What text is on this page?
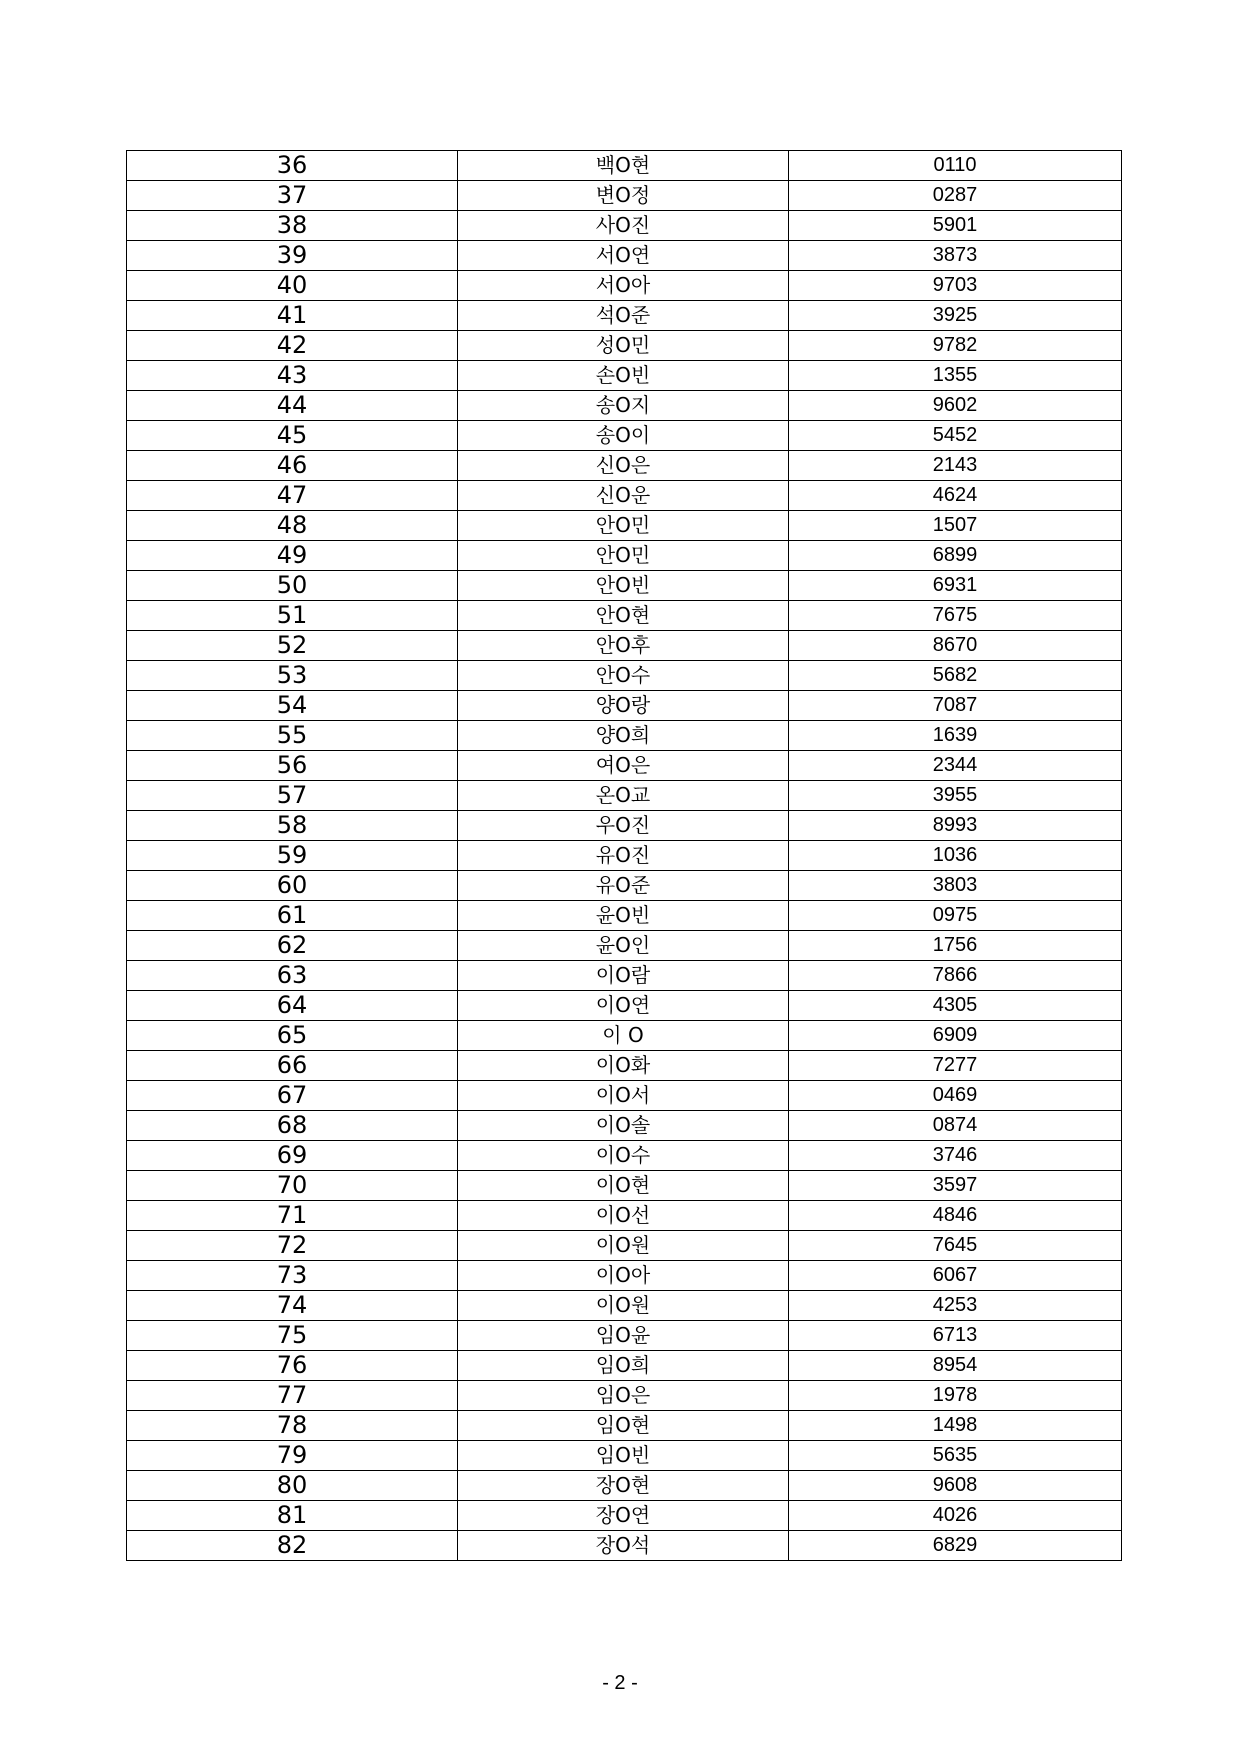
36	백O현	0110
37	변O정	0287
38	사O진	5901
39	서O연	3873
40	서O아	9703
41	석O준	3925
42	성O민	9782
43	손O빈	1355
44	송O지	9602
45	송O이	5452
46	신O은	2143
47	신O운	4624
48	안O민	1507
49	안O민	6899
50	안O빈	6931
51	안O현	7675
52	안O후	8670
53	안O수	5682
54	양O랑	7087
55	양O희	1639
56	여O은	2344
57	온O교	3955
58	우O진	8993
59	유O진	1036
60	유O준	3803
61	윤O빈	0975
62	윤O인	1756
63	이O람	7866
64	이O연	4305
65	이 O	6909
66	이O화	7277
67	이O서	0469
68	이O솔	0874
69	이O수	3746
70	이O현	3597
71	이O선	4846
72	이O원	7645
73	이O아	6067
74	이O원	4253
75	임O윤	6713
76	임O희	8954
77	임O은	1978
78	임O현	1498
79	임O빈	5635
80	장O현	9608
81	장O연	4026
82	장O석	6829
- 2 -
